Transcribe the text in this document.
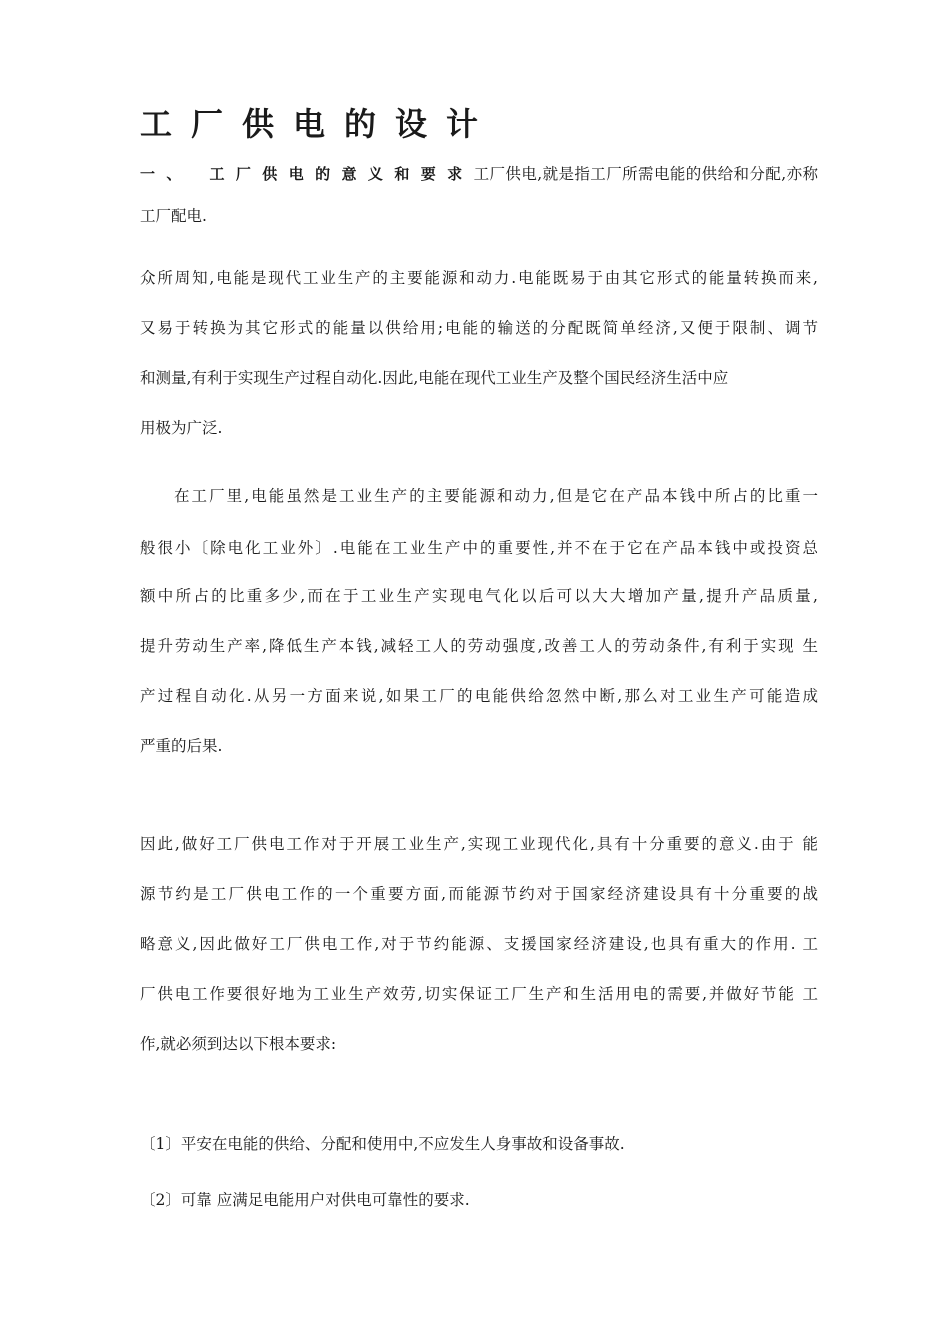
工厂供电的设计
一、 工厂供电的意义和要求工厂供电,就是指工厂所需电能的供给和分配,亦称
工厂配电.
众所周知,电能是现代工业生产的主要能源和动力.电能既易于由其它形式的能量转换而来,
又易于转换为其它形式的能量以供给用;电能的输送的分配既简单经济,又便于限制、调节
和测量,有利于实现生产过程自动化.因此,电能在现代工业生产及整个国民经济生活中应
用极为广泛.
在工厂里,电能虽然是工业生产的主要能源和动力,但是它在产品本钱中所占的比重一
般很小〔除电化工业外〕.电能在工业生产中的重要性,并不在于它在产品本钱中或投资总
额中所占的比重多少,而在于工业生产实现电气化以后可以大大增加产量,提升产品质量,
提升劳动生产率,降低生产本钱,减轻工人的劳动强度,改善工人的劳动条件,有利于实现 生
产过程自动化.从另一方面来说,如果工厂的电能供给忽然中断,那么对工业生产可能造成
严重的后果.
因此,做好工厂供电工作对于开展工业生产,实现工业现代化,具有十分重要的意义.由于 能
源节约是工厂供电工作的一个重要方面,而能源节约对于国家经济建设具有十分重要的战
略意义,因此做好工厂供电工作,对于节约能源、支援国家经济建设,也具有重大的作用. 工
厂供电工作要很好地为工业生产效劳,切实保证工厂生产和生活用电的需要,并做好节能 工
作,就必须到达以下根本要求:
〔1〕平安在电能的供给、分配和使用中,不应发生人身事故和设备事故.
〔2〕可靠 应满足电能用户对供电可靠性的要求.
